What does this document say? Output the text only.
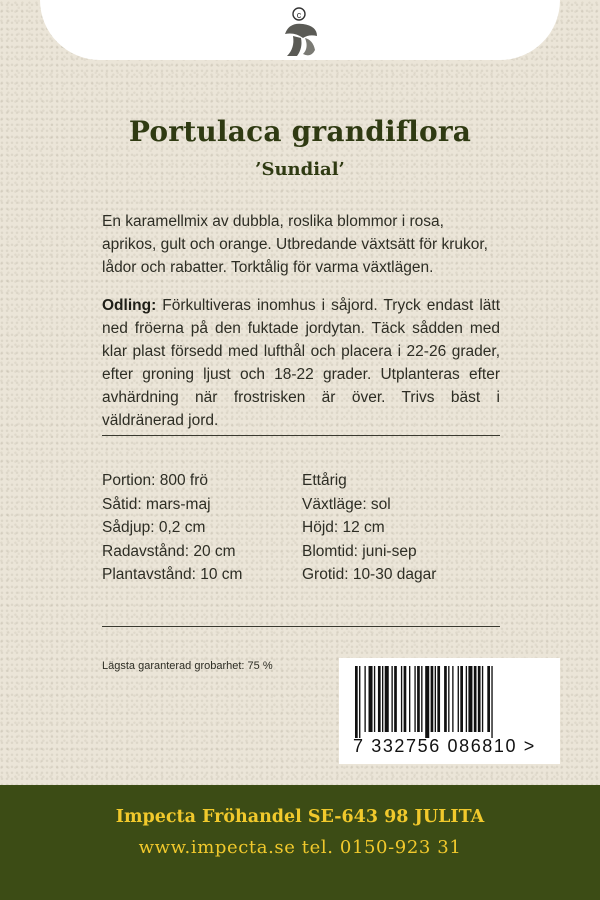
c
Portulaca grandiflora
’Sundial’

En karamellmix av dubbla, roslika blommor i rosa, aprikos, gult och orange. Utbredande växtsätt för krukor, lådor och rabatter. Torktålig för varma växtlägen.

Odling: Förkultiveras inomhus i såjord. Tryck endast lätt ned fröerna på den fuktade jordytan. Täck sådden med klar plast försedd med lufthål och placera i 22-26 grader, efter groning ljust och 18-22 grader. Utplanteras efter avhärdning när frostrisken är över. Trivs bäst i väldränerad jord.

Portion: 800 frö
Såtid: mars-maj
Sådjup: 0,2 cm
Radavstånd: 20 cm
Plantavstånd: 10 cm
Ettårig
Växtläge: sol
Höjd: 12 cm
Blomtid: juni-sep
Grotid: 10-30 dagar
Lägsta garanterad grobarhet: 75 %
7 332756 086810 >
Impecta Fröhandel SE-643 98 JULITA
www.impecta.se tel. 0150-923 31
